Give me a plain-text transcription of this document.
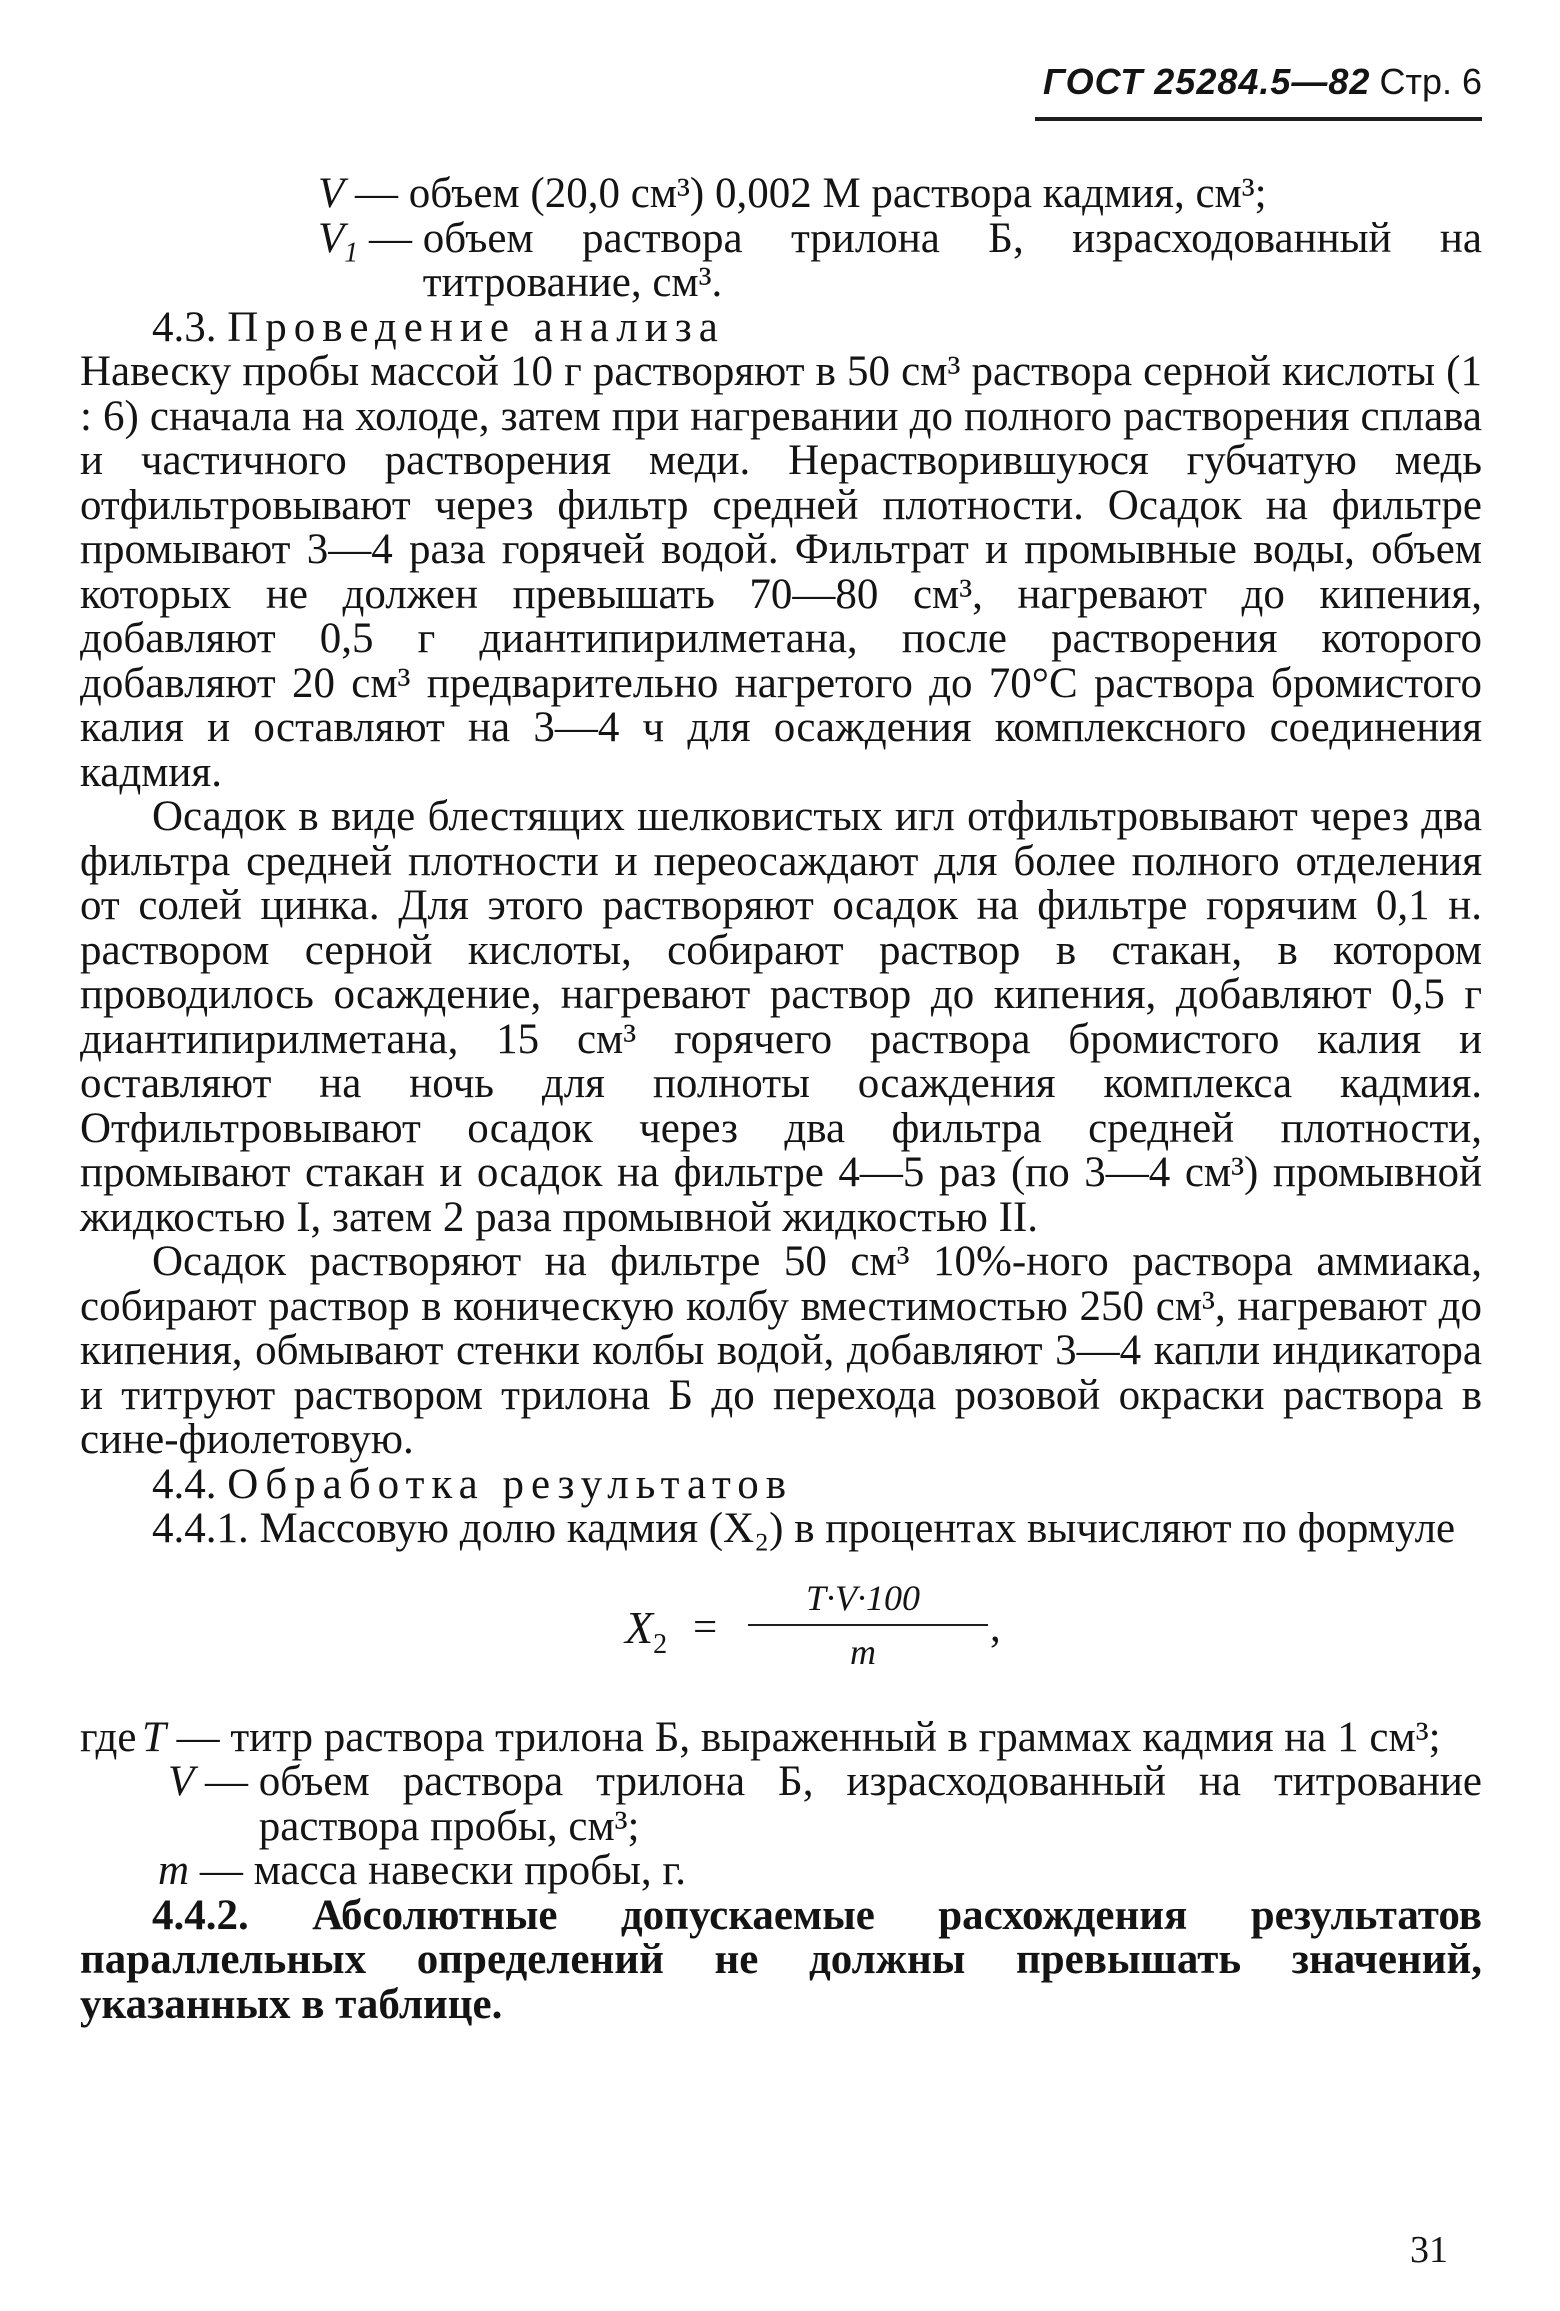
ГОСТ 25284.5—82 Стр. 6
V — объем (20,0 см³) 0,002 М раствора кадмия, см³;
$V_1$ — объем раствора трилона Б, израсходованный на титрование, см³.

4.3. Проведение анализа

Навеску пробы массой 10 г растворяют в 50 см³ раствора серной кислоты (1 : 6) сначала на холоде, затем при нагревании до полного растворения сплава и частичного растворения меди. Нерастворившуюся губчатую медь отфильтровывают через фильтр средней плотности. Осадок на фильтре промывают 3—4 раза горячей водой. Фильтрат и промывные воды, объем которых не должен превышать 70—80 см³, нагревают до кипения, добавляют 0,5 г диантипирилметана, после растворения которого добавляют 20 см³ предварительно нагретого до 70°С раствора бромистого калия и оставляют на 3—4 ч для осаждения комплексного соединения кадмия.

Осадок в виде блестящих шелковистых игл отфильтровывают через два фильтра средней плотности и переосаждают для более полного отделения от солей цинка. Для этого растворяют осадок на фильтре горячим 0,1 н. раствором серной кислоты, собирают раствор в стакан, в котором проводилось осаждение, нагревают раствор до кипения, добавляют 0,5 г диантипирилметана, 15 см³ горячего раствора бромистого калия и оставляют на ночь для полноты осаждения комплекса кадмия. Отфильтровывают осадок через два фильтра средней плотности, промывают стакан и осадок на фильтре 4—5 раз (по 3—4 см³) промывной жидкостью I, затем 2 раза промывной жидкостью II.

Осадок растворяют на фильтре 50 см³ 10%-ного раствора аммиака, собирают раствор в коническую колбу вместимостью 250 см³, нагревают до кипения, обмывают стенки колбы водой, добавляют 3—4 капли индикатора и титруют раствором трилона Б до перехода розовой окраски раствора в сине-фиолетовую.

4.4. Обработка результатов

4.4.1. Массовую долю кадмия (X₂) в процентах вычисляют по формуле

$X_2$ =
T·V·100
m
,
где T — титр раствора трилона Б, выраженный в граммах кадмия на 1 см³;
V — объем раствора трилона Б, израсходованный на титрование раствора пробы, см³;
m — масса навески пробы, г.

4.4.2. Абсолютные допускаемые расхождения результатов параллельных определений не должны превышать значений, указанных в таблице.

31
